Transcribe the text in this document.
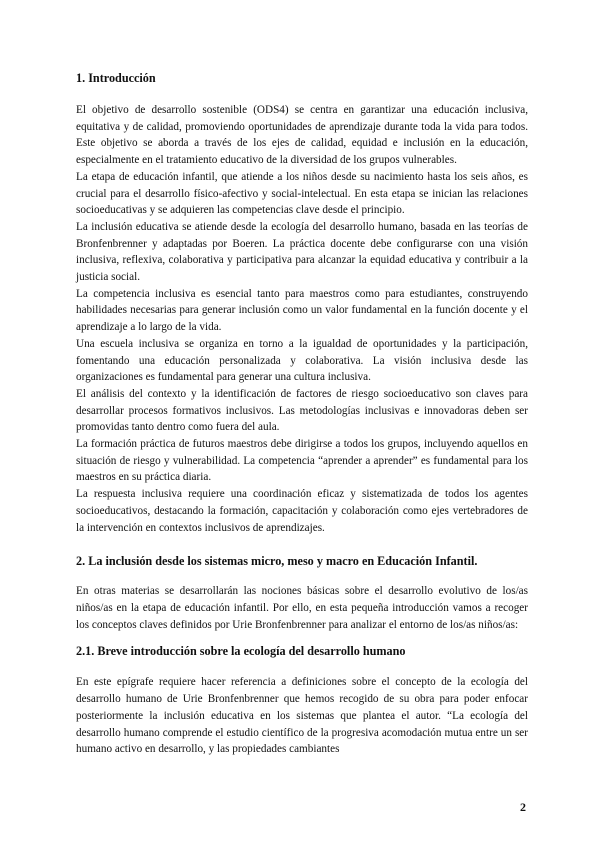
1. Introducción

El objetivo de desarrollo sostenible (ODS4) se centra en garantizar una educación inclusiva, equitativa y de calidad, promoviendo oportunidades de aprendizaje durante toda la vida para todos. Este objetivo se aborda a través de los ejes de calidad, equidad e inclusión en la educación, especialmente en el tratamiento educativo de la diversidad de los grupos vulnerables.

La etapa de educación infantil, que atiende a los niños desde su nacimiento hasta los seis años, es crucial para el desarrollo físico-afectivo y social-intelectual. En esta etapa se inician las relaciones socioeducativas y se adquieren las competencias clave desde el principio.

La inclusión educativa se atiende desde la ecología del desarrollo humano, basada en las teorías de Bronfenbrenner y adaptadas por Boeren. La práctica docente debe configurarse con una visión inclusiva, reflexiva, colaborativa y participativa para alcanzar la equidad educativa y contribuir a la justicia social.

La competencia inclusiva es esencial tanto para maestros como para estudiantes, construyendo habilidades necesarias para generar inclusión como un valor fundamental en la función docente y el aprendizaje a lo largo de la vida.

Una escuela inclusiva se organiza en torno a la igualdad de oportunidades y la participación, fomentando una educación personalizada y colaborativa. La visión inclusiva desde las organizaciones es fundamental para generar una cultura inclusiva.

El análisis del contexto y la identificación de factores de riesgo socioeducativo son claves para desarrollar procesos formativos inclusivos. Las metodologías inclusivas e innovadoras deben ser promovidas tanto dentro como fuera del aula.

La formación práctica de futuros maestros debe dirigirse a todos los grupos, incluyendo aquellos en situación de riesgo y vulnerabilidad. La competencia “aprender a aprender” es fundamental para los maestros en su práctica diaria.

La respuesta inclusiva requiere una coordinación eficaz y sistematizada de todos los agentes socioeducativos, destacando la formación, capacitación y colaboración como ejes vertebradores de la intervención en contextos inclusivos de aprendizajes.

2. La inclusión desde los sistemas micro, meso y macro en Educación Infantil.

En otras materias se desarrollarán las nociones básicas sobre el desarrollo evolutivo de los/as niños/as en la etapa de educación infantil. Por ello, en esta pequeña introducción vamos a recoger los conceptos claves definidos por Urie Bronfenbrenner para analizar el entorno de los/as niños/as:

2.1. Breve introducción sobre la ecología del desarrollo humano

En este epígrafe requiere hacer referencia a definiciones sobre el concepto de la ecología del desarrollo humano de Urie Bronfenbrenner que hemos recogido de su obra para poder enfocar posteriormente la inclusión educativa en los sistemas que plantea el autor. “La ecología del desarrollo humano comprende el estudio científico de la progresiva acomodación mutua entre un ser humano activo en desarrollo, y las propiedades cambiantes

2
